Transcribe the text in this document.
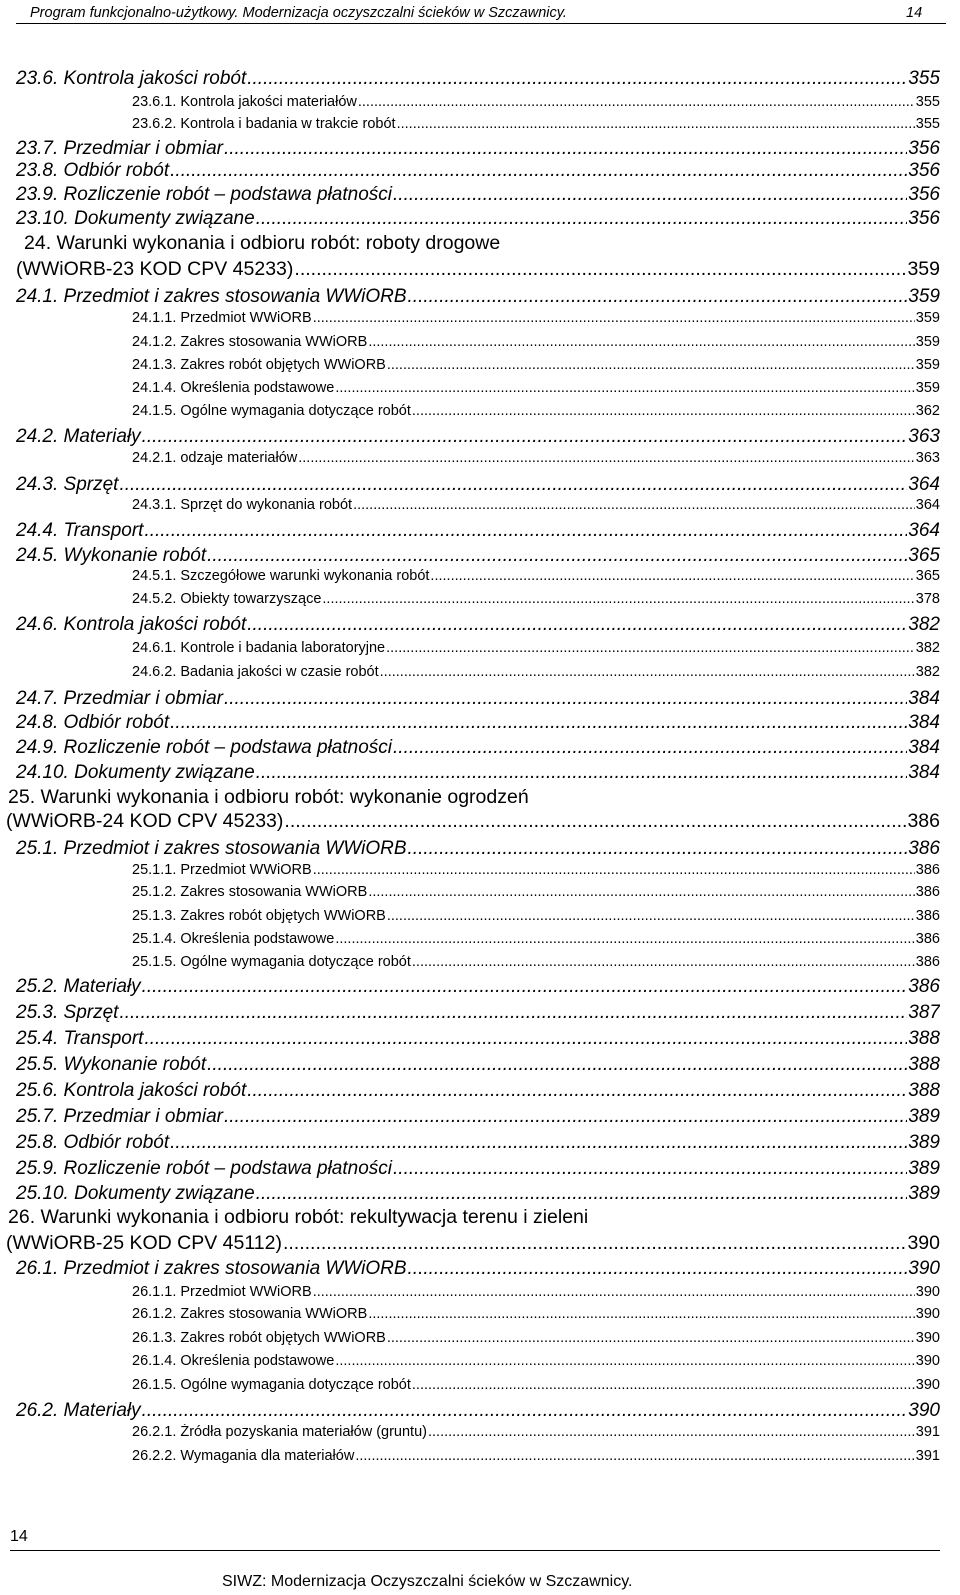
Program funkcjonalno-użytkowy. Modernizacja oczyszczalni ścieków w Szczawnicy.	14
23.6. Kontrola jakości robót .....	355
23.6.1. Kontrola jakości materiałów .....	355
23.6.2. Kontrola i badania w trakcie robót .....	355
23.7. Przedmiar i obmiar .....	356
23.8. Odbiór robót .....	356
23.9. Rozliczenie robót – podstawa płatności .....	356
23.10. Dokumenty związane .....	356
24. Warunki wykonania i odbioru robót: roboty drogowe
(WWiORB-23 KOD CPV 45233) .....	359
24.1. Przedmiot i zakres stosowania WWiORB .....	359
24.1.1. Przedmiot WWiORB .....	359
24.1.2. Zakres stosowania WWiORB .....	359
24.1.3. Zakres robót objętych WWiORB .....	359
24.1.4. Określenia podstawowe .....	359
24.1.5. Ogólne wymagania dotyczące robót .....	362
24.2. Materiały .....	363
24.2.1. odzaje materiałów .....	363
24.3. Sprzęt .....	364
24.3.1. Sprzęt do wykonania robót .....	364
24.4. Transport .....	364
24.5. Wykonanie robót .....	365
24.5.1. Szczegółowe warunki wykonania robót .....	365
24.5.2. Obiekty towarzyszące .....	378
24.6. Kontrola jakości robót .....	382
24.6.1. Kontrole i badania laboratoryjne .....	382
24.6.2. Badania jakości w czasie robót .....	382
24.7. Przedmiar i obmiar .....	384
24.8. Odbiór robót .....	384
24.9. Rozliczenie robót – podstawa płatności .....	384
24.10. Dokumenty związane .....	384
25. Warunki wykonania i odbioru robót: wykonanie ogrodzeń
(WWiORB-24 KOD CPV 45233) .....	386
25.1. Przedmiot i zakres stosowania WWiORB .....	386
25.1.1. Przedmiot WWiORB .....	386
25.1.2. Zakres stosowania WWiORB .....	386
25.1.3. Zakres robót objętych WWiORB .....	386
25.1.4. Określenia podstawowe .....	386
25.1.5. Ogólne wymagania dotyczące robót .....	386
25.2. Materiały .....	386
25.3. Sprzęt .....	387
25.4. Transport .....	388
25.5. Wykonanie robót .....	388
25.6. Kontrola jakości robót .....	388
25.7. Przedmiar i obmiar .....	389
25.8. Odbiór robót .....	389
25.9. Rozliczenie robót – podstawa płatności .....	389
25.10. Dokumenty związane .....	389
26. Warunki wykonania i odbioru robót: rekultywacja terenu i zieleni
(WWiORB-25 KOD CPV 45112) .....	390
26.1. Przedmiot i zakres stosowania WWiORB .....	390
26.1.1. Przedmiot WWiORB .....	390
26.1.2. Zakres stosowania WWiORB .....	390
26.1.3. Zakres robót objętych WWiORB .....	390
26.1.4. Określenia podstawowe .....	390
26.1.5. Ogólne wymagania dotyczące robót .....	390
26.2. Materiały .....	390
26.2.1. Źródła pozyskania materiałów (gruntu) .....	391
26.2.2. Wymagania dla materiałów .....	391
14
SIWZ: Modernizacja Oczyszczalni ścieków w Szczawnicy.
